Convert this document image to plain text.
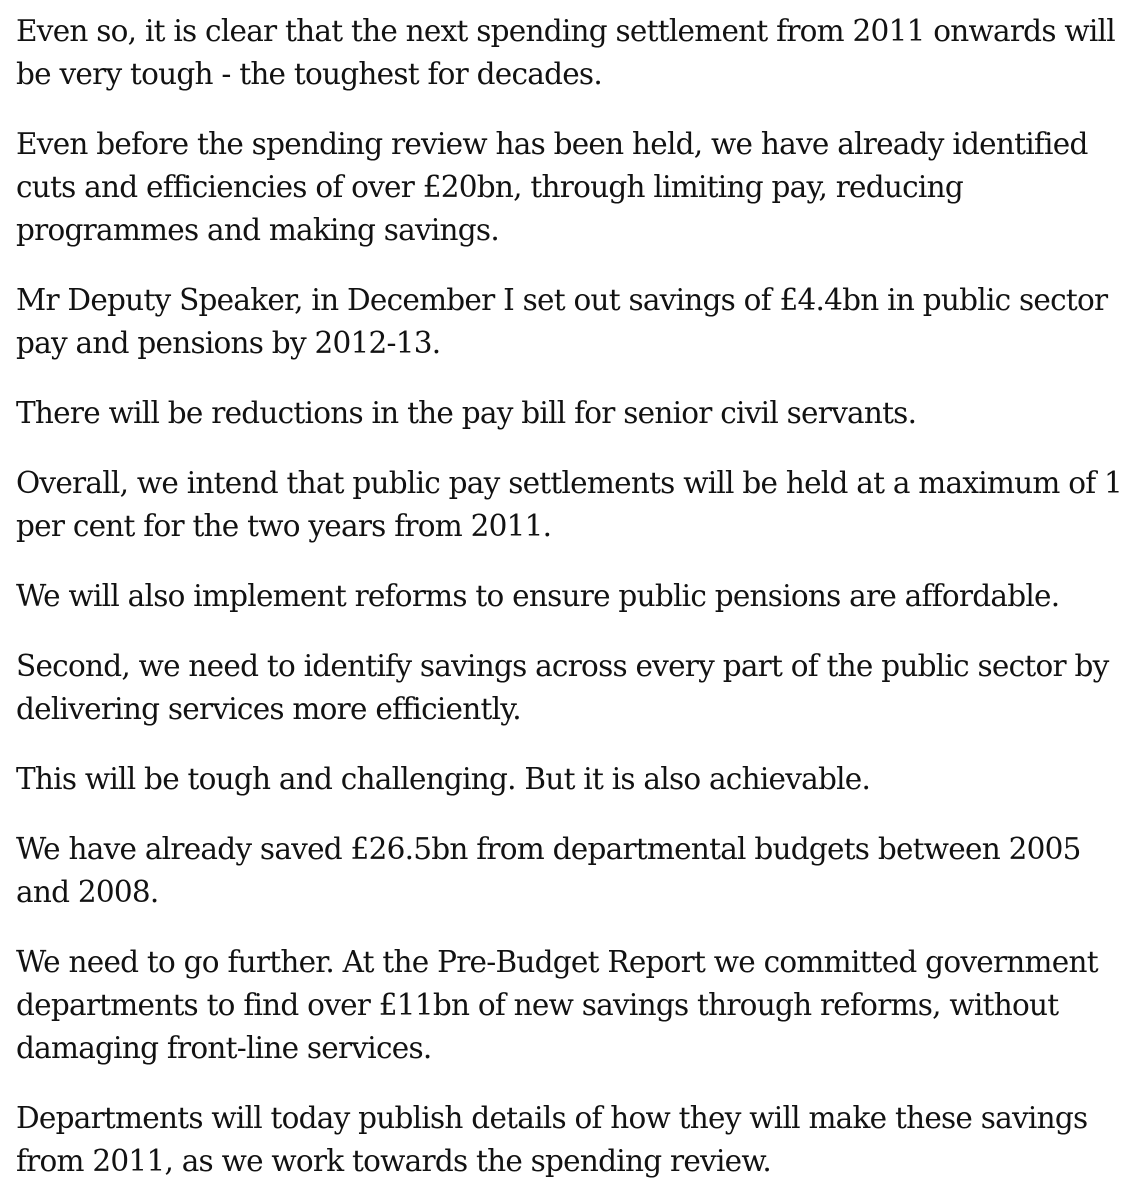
Even so, it is clear that the next spending settlement from 2011 onwards will be very tough - the toughest for decades.

Even before the spending review has been held, we have already identified cuts and efficiencies of over £20bn, through limiting pay, reducing programmes and making savings.

Mr Deputy Speaker, in December I set out savings of £4.4bn in public sector pay and pensions by 2012-13.

There will be reductions in the pay bill for senior civil servants.

Overall, we intend that public pay settlements will be held at a maximum of 1 per cent for the two years from 2011.

We will also implement reforms to ensure public pensions are affordable.

Second, we need to identify savings across every part of the public sector by delivering services more efficiently.

This will be tough and challenging. But it is also achievable.

We have already saved £26.5bn from departmental budgets between 2005 and 2008.

We need to go further. At the Pre-Budget Report we committed government departments to find over £11bn of new savings through reforms, without damaging front-line services.

Departments will today publish details of how they will make these savings from 2011, as we work towards the spending review.
